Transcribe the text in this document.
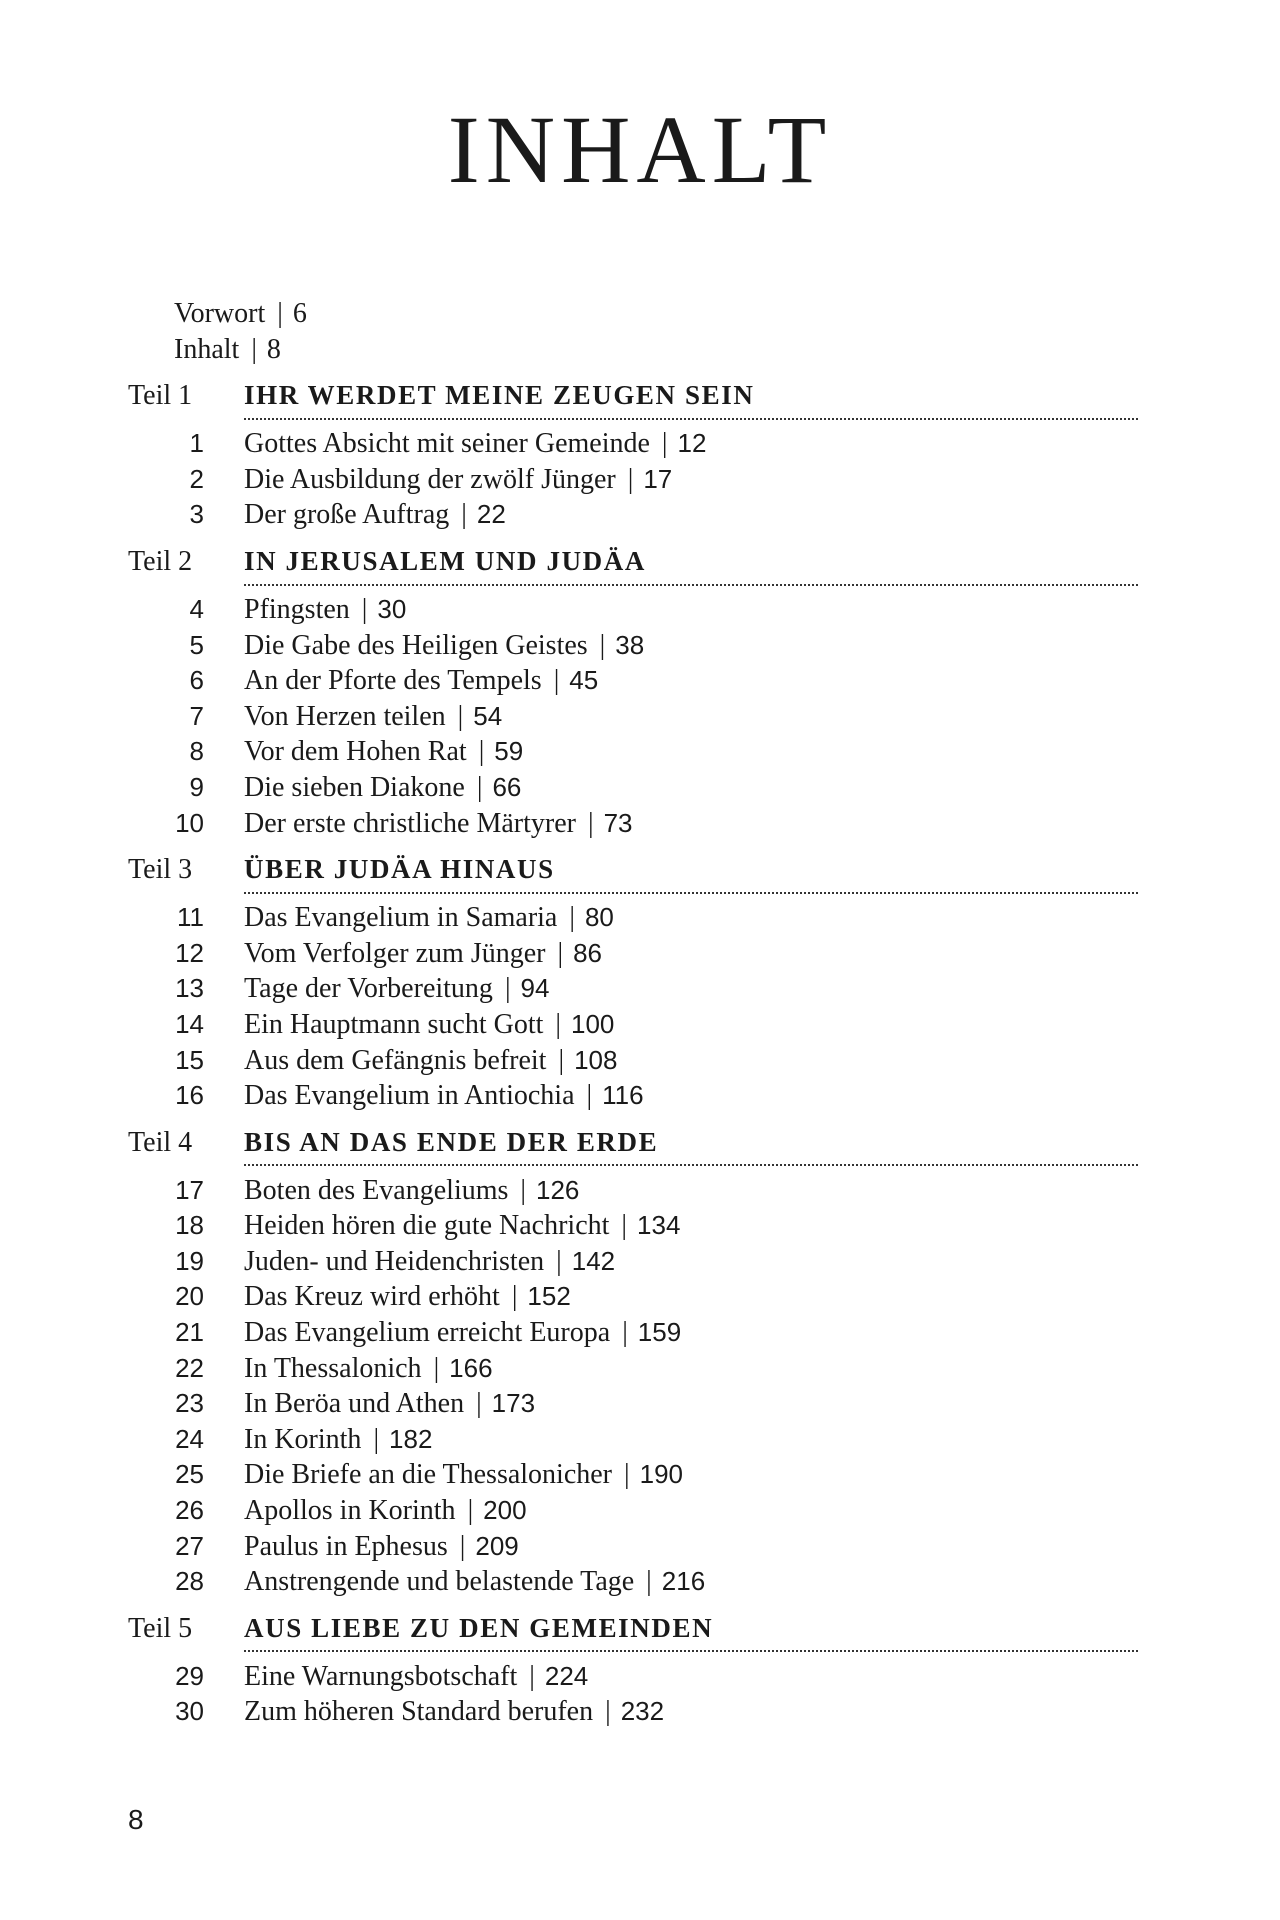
INHALT
Vorwort | 6
Inhalt | 8
Teil 1	IHR WERDET MEINE ZEUGEN SEIN
1 Gottes Absicht mit seiner Gemeinde | 12
2 Die Ausbildung der zwölf Jünger | 17
3 Der große Auftrag | 22
Teil 2	IN JERUSALEM UND JUDÄA
4 Pfingsten | 30
5 Die Gabe des Heiligen Geistes | 38
6 An der Pforte des Tempels | 45
7 Von Herzen teilen | 54
8 Vor dem Hohen Rat | 59
9 Die sieben Diakone | 66
10 Der erste christliche Märtyrer | 73
Teil 3	ÜBER JUDÄA HINAUS
11 Das Evangelium in Samaria | 80
12 Vom Verfolger zum Jünger | 86
13 Tage der Vorbereitung | 94
14 Ein Hauptmann sucht Gott | 100
15 Aus dem Gefängnis befreit | 108
16 Das Evangelium in Antiochia | 116
Teil 4	BIS AN DAS ENDE DER ERDE
17 Boten des Evangeliums | 126
18 Heiden hören die gute Nachricht | 134
19 Juden- und Heidenchristen | 142
20 Das Kreuz wird erhöht | 152
21 Das Evangelium erreicht Europa | 159
22 In Thessalonich | 166
23 In Beröa und Athen | 173
24 In Korinth | 182
25 Die Briefe an die Thessalonicher | 190
26 Apollos in Korinth | 200
27 Paulus in Ephesus | 209
28 Anstrengende und belastende Tage | 216
Teil 5	AUS LIEBE ZU DEN GEMEINDEN
29 Eine Warnungsbotschaft | 224
30 Zum höheren Standard berufen | 232
8
